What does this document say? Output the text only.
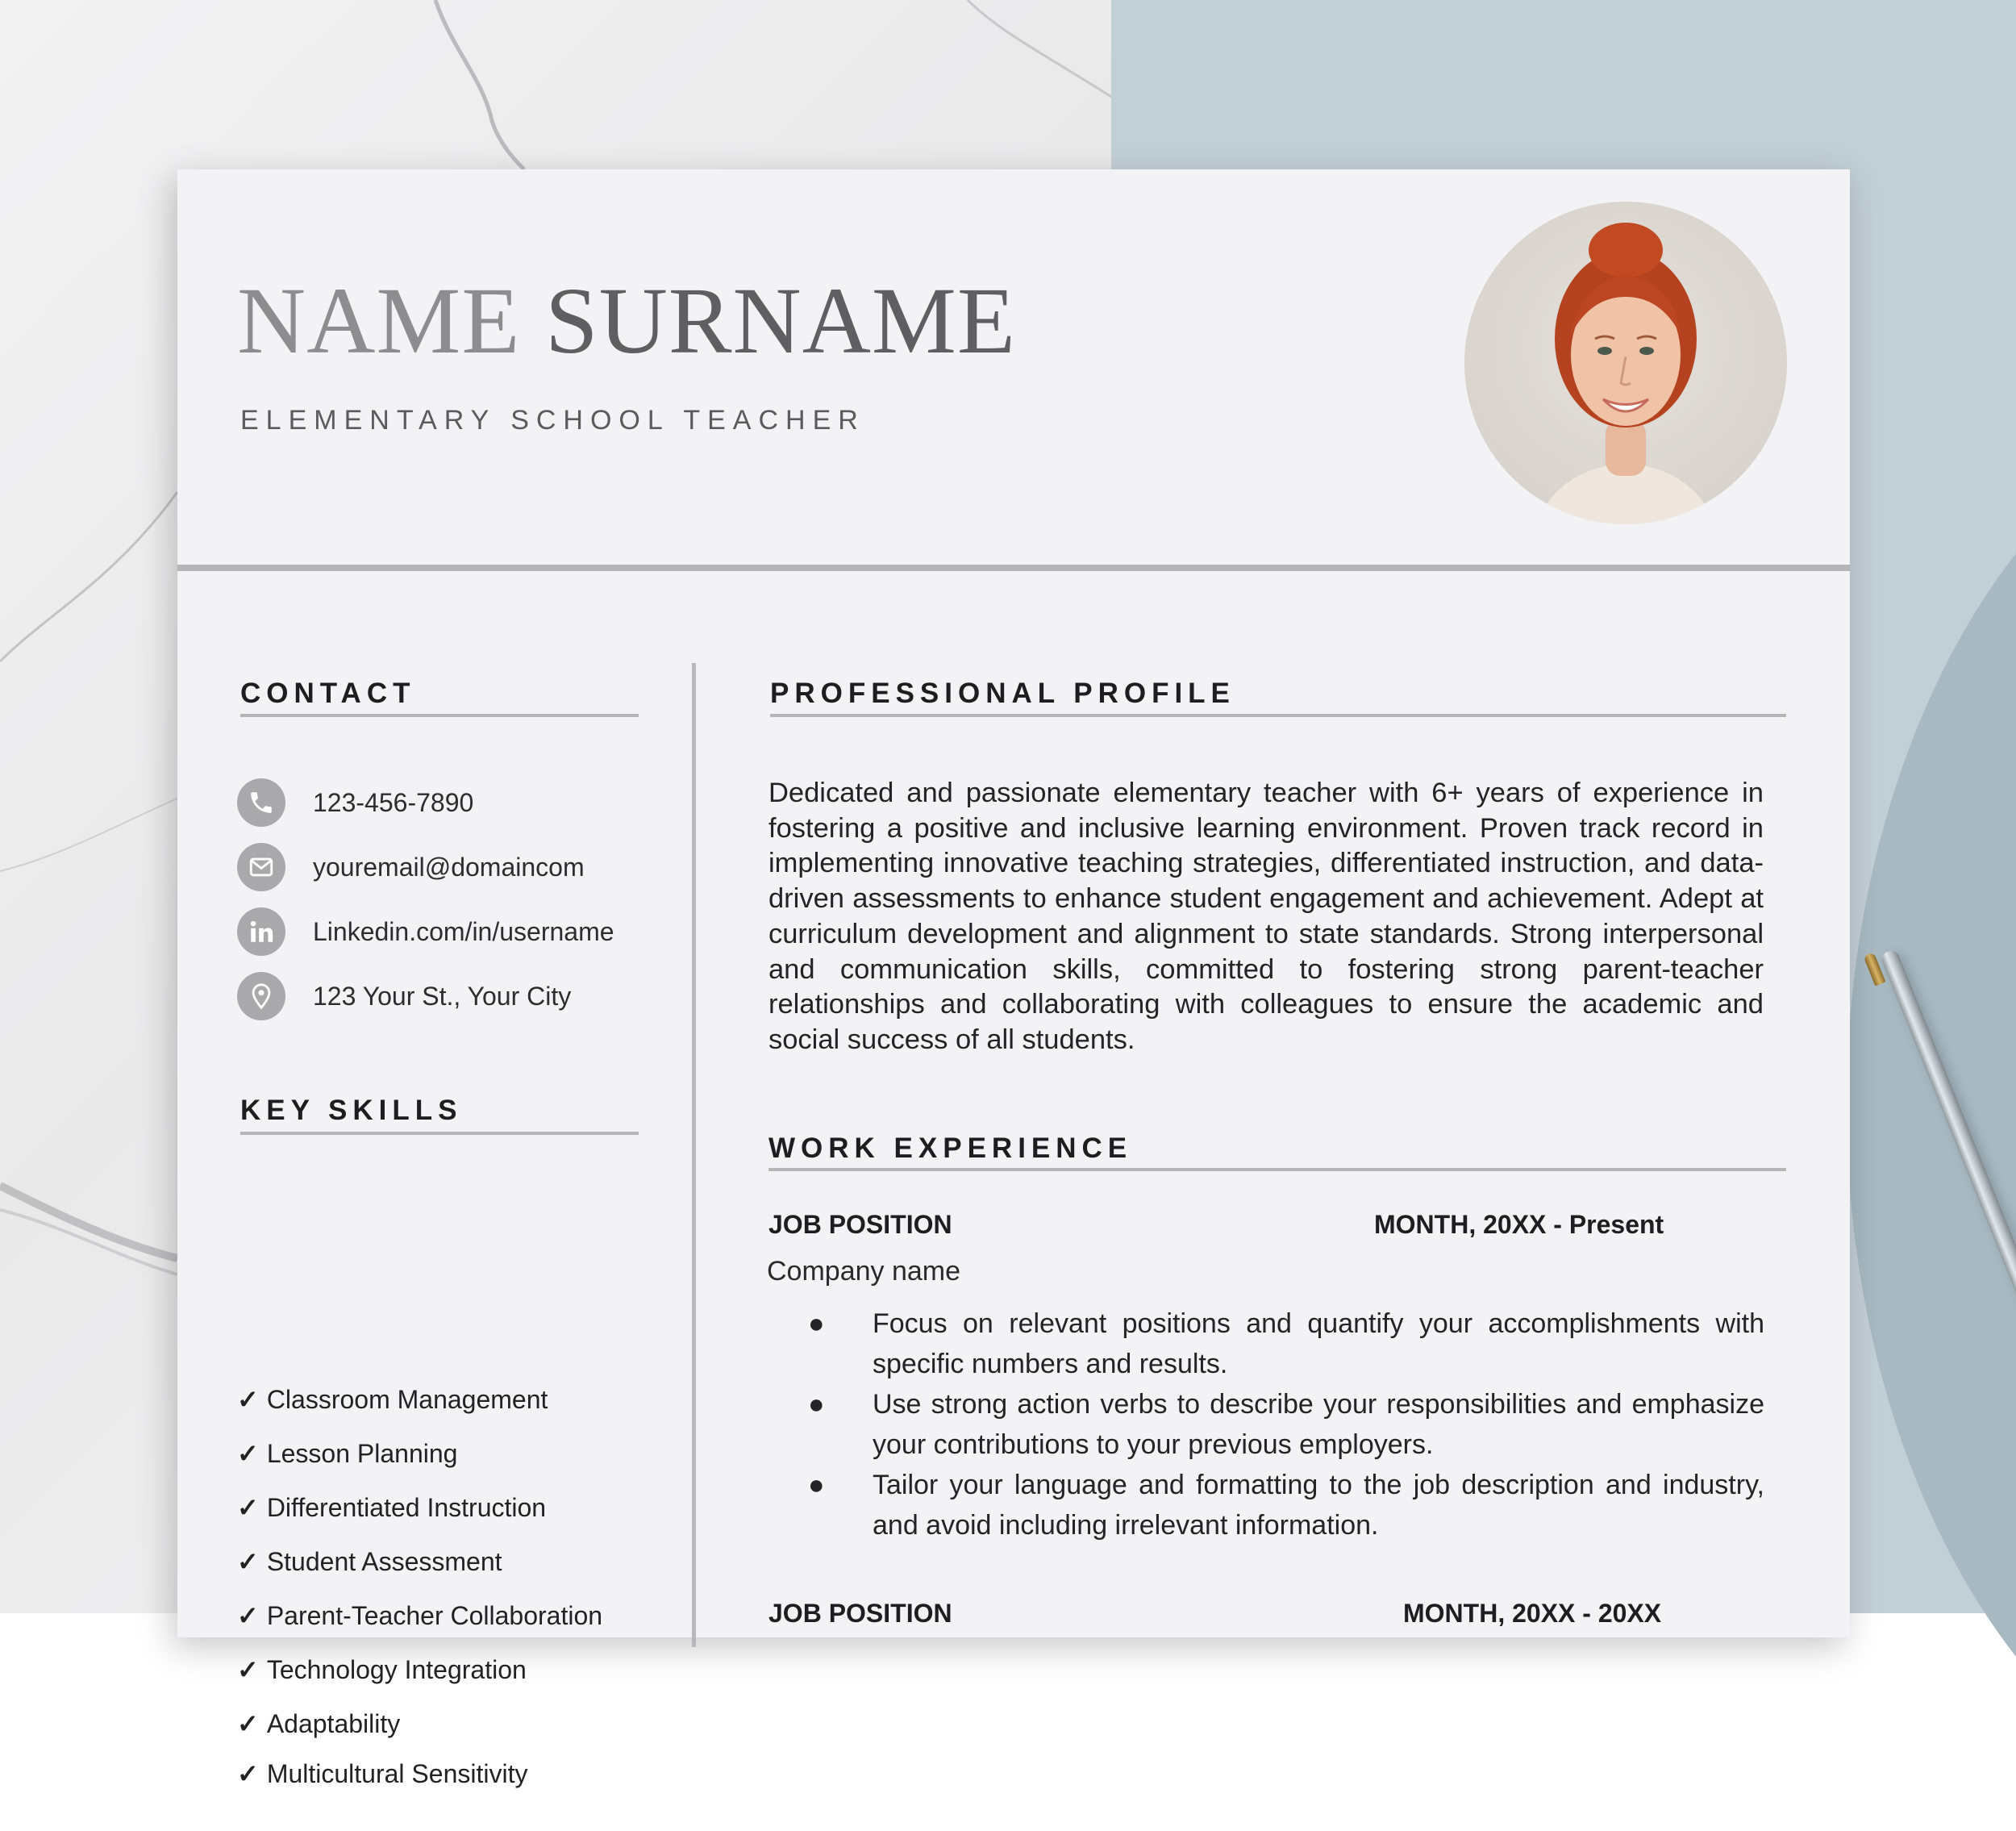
NAME SURNAME
ELEMENTARY SCHOOL TEACHER
CONTACT
123-456-7890
youremail@domaincom
Linkedin.com/in/username
123 Your St., Your City
KEY SKILLS
✓ Classroom Management
✓ Lesson Planning
✓ Differentiated Instruction
✓ Student Assessment
✓ Parent-Teacher Collaboration
✓ Technology Integration
✓ Adaptability
✓ Multicultural Sensitivity
PROFESSIONAL PROFILE
Dedicated and passionate elementary teacher with 6+ years of experience in fostering a positive and inclusive learning environment. Proven track record in implementing innovative teaching strategies, differentiated instruction, and data-driven assessments to enhance student engagement and achievement. Adept at curriculum development and alignment to state standards. Strong interpersonal and communication skills, committed to fostering strong parent-teacher relationships and collaborating with colleagues to ensure the academic and social success of all students.
WORK EXPERIENCE
JOB POSITION	MONTH, 20XX - Present
Company name
● Focus on relevant positions and quantify your accomplishments with specific numbers and results.
● Use strong action verbs to describe your responsibilities and emphasize your contributions to your previous employers.
● Tailor your language and formatting to the job description and industry, and avoid including irrelevant information.
JOB POSITION	MONTH, 20XX - 20XX
